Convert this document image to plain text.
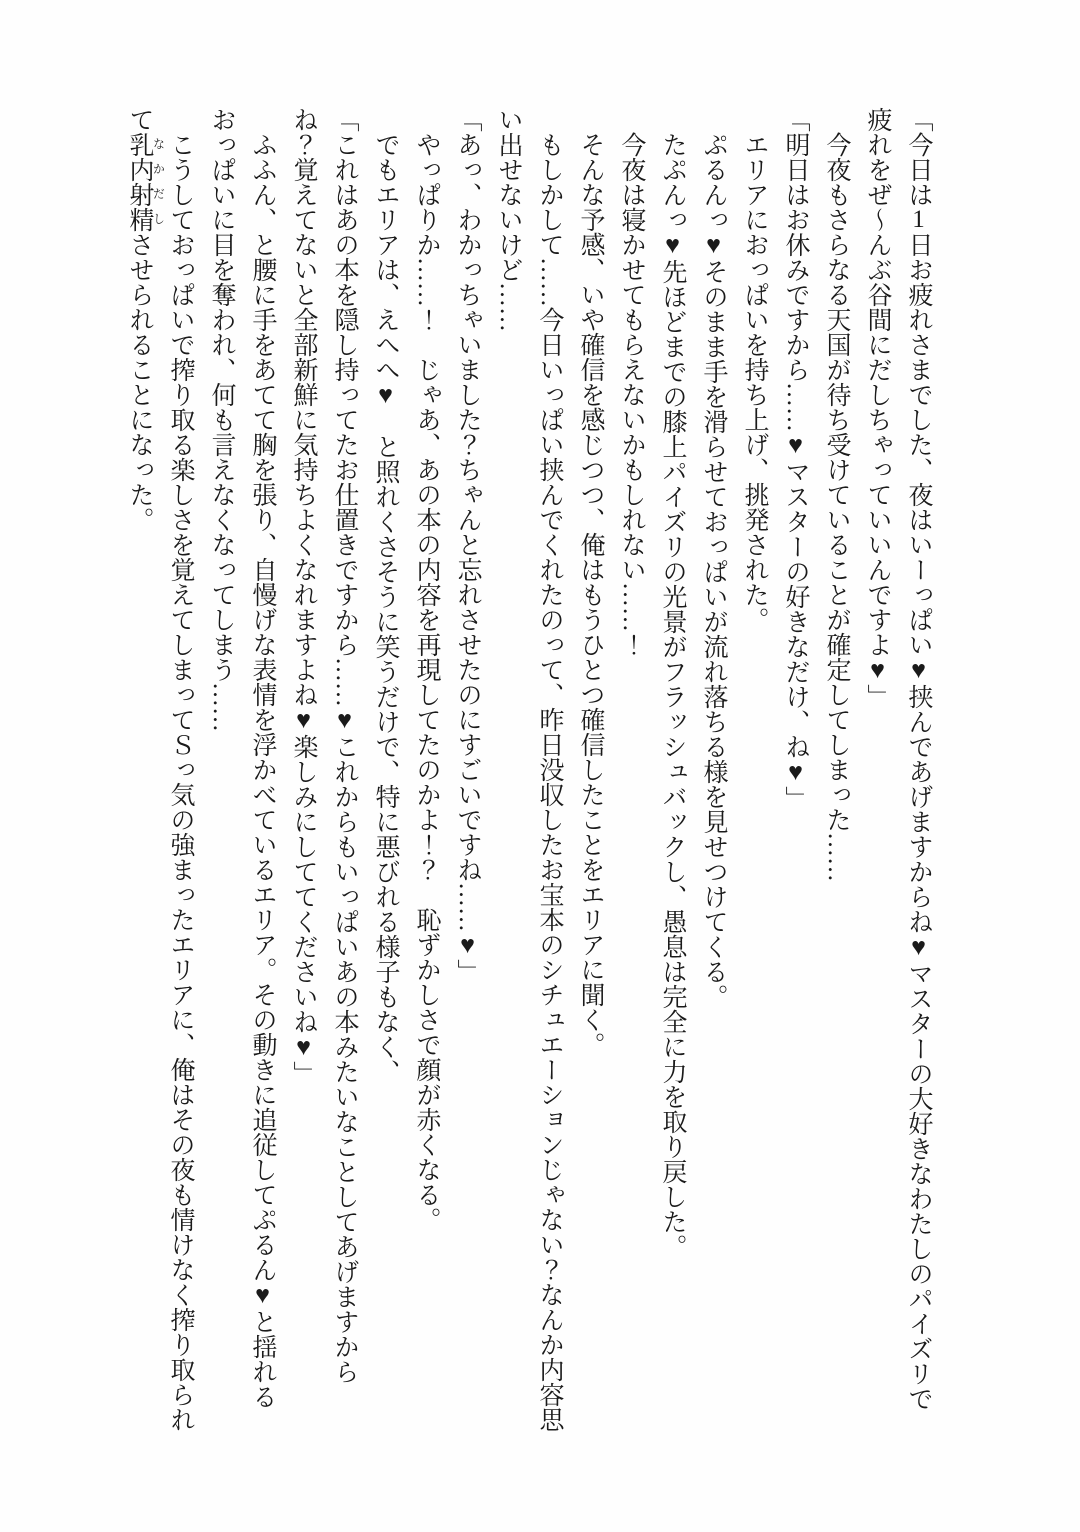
「今日は1日お疲れさまでした、夜はいーっぱい♥挟んであげますからね♥マスターの大好きなわたしのパイズリで疲れをぜ〜んぶ谷間にだしちゃっていいんですよ♥」

今夜もさらなる天国が待ち受けていることが確定してしまった……

「明日はお休みですから……♥マスターの好きなだけ、ね♥」

エリアにおっぱいを持ち上げ、挑発された。

ぷるんっ♥そのまま手を滑らせておっぱいが流れ落ちる様を見せつけてくる。

たぷんっ♥先ほどまでの膝上パイズリの光景がフラッシュバックし、愚息は完全に力を取り戻した。

今夜は寝かせてもらえないかもしれない……！

そんな予感、いや確信を感じつつ、俺はもうひとつ確信したことをエリアに聞く。

もしかして……今日いっぱい挟んでくれたのって、昨日没収したお宝本のシチュエーションじゃない？なんか内容思い出せないけど……

「あっ、わかっちゃいました？ちゃんと忘れさせたのにすごいですね……♥」

やっぱりか……！　じゃあ、あの本の内容を再現してたのかよ！？　恥ずかしさで顔が赤くなる。

でもエリアは、えへへ♥　と照れくさそうに笑うだけで、特に悪びれる様子もなく、

「これはあの本を隠し持ってたお仕置きですから……♥これからもいっぱいあの本みたいなことしてあげますからね？覚えてないと全部新鮮に気持ちよくなれますよね♥楽しみにしててくださいね♥」

ふふん、と腰に手をあてて胸を張り、自慢げな表情を浮かべているエリア。その動きに追従してぷるん♥と揺れるおっぱいに目を奪われ、何も言えなくなってしまう……

こうしておっぱいで搾り取る楽しさを覚えてしまってＳっ気の強まったエリアに、俺はその夜も情けなく搾り取られて乳内射精なかだしさせられることになった。
